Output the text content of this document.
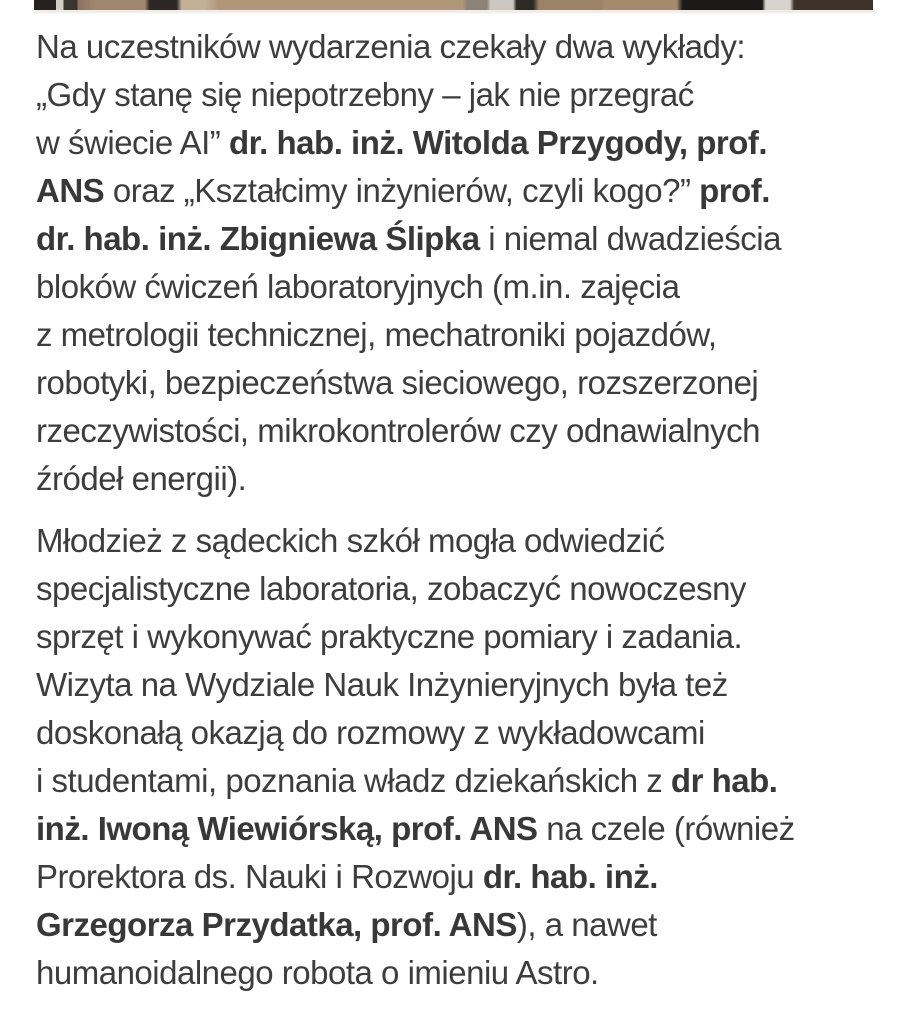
Na uczestników wydarzenia czekały dwa wykłady:
„Gdy stanę się niepotrzebny – jak nie przegrać
w świecie AI” dr. hab. inż. Witolda Przygody, prof.
ANS oraz „Kształcimy inżynierów, czyli kogo?” prof.
dr. hab. inż. Zbigniewa Ślipka i niemal dwadzieścia
bloków ćwiczeń laboratoryjnych (m.in. zajęcia
z metrologii technicznej, mechatroniki pojazdów,
robotyki, bezpieczeństwa sieciowego, rozszerzonej
rzeczywistości, mikrokontrolerów czy odnawialnych
źródeł energii).

Młodzież z sądeckich szkół mogła odwiedzić
specjalistyczne laboratoria, zobaczyć nowoczesny
sprzęt i wykonywać praktyczne pomiary i zadania.
Wizyta na Wydziale Nauk Inżynieryjnych była też
doskonałą okazją do rozmowy z wykładowcami
i studentami, poznania władz dziekańskich z dr hab.
inż. Iwoną Wiewiórską, prof. ANS na czele (również
Prorektora ds. Nauki i Rozwoju dr. hab. inż.
Grzegorza Przydatka, prof. ANS), a nawet
humanoidalnego robota o imieniu Astro.
